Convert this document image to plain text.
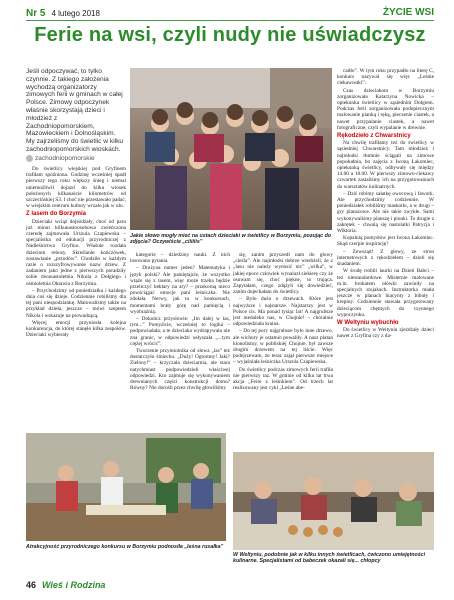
Nr 5 4 lutego 2018	ŻYCIE WSI
Ferie na wsi, czyli nudy nie uświadczysz
Jeśli odpoczywać, to tylko czynnie. Z takiego założenia wychodzą organizatorzy zimowych ferii w gminach w całej Polsce. Zimowy odpoczynek właśnie skorzystają dzieci i młodzież z Zachodniopomorskiem, Mazowieckiem i Dolnośląskim. My zajrzeliśmy do świetlic w kilku zachodniopomorskich wioskach.
zachodniopomorskie

Do świetlicy wiejskiej pod Gryfinem trafiłam spóźniona. Godzinę wcześniej spadł pierwszy tego roku większy śnieg i niemal uniemożliwił dojazd do kilku wiosek położonych kilkanaście kilometrów od szczecińskiej S3. I choć nie przestawało padać, w wiejskim centrum kultury wrzało jak w ulu.

Z lasem do Borzymia

Dzieciaki wciąż dojeżdżały, choć od paru już minut kilkunastoosobowa zwieńczona czeredę zajmowała Urszula Czapiewska – specjalistka od edukacji przyrodniczej z Nadleśnictwa Gryfino. Właśnie rozdała dzieciom rebusy. Skreślanie kończówek, zostawianie „przodów”. Chodziło w każdym razie o rozszyfrowywanie nazw drzew. Z zadaniem jako jedne z pierwszych poradziły sobie dwunastoletnia Nikola z Dołgiego i ośmioletnia Oktawia z Borzymia.

– Przychodzimy od poniedziałku i każdego dnia coś się dzieje. Codziennie robiliśmy dla tej pani niespodziankę. Malowaliśmy także na przykład dzieła, jeszcze – mówi szeptem Nikola i wskazuje na prowadzącą.

Więcej emocji przyniosła kolejna konkurencja, do której stanęło kilka zespołów. Dzieciaki wybierały

Jakie słowo mogły mieć na ustach dzieciaki w świetlicy w Borzymiu, pozując do zdjęcia? Oczywiście „ciiiiiis”

kategorie – dziedziny nauki. Z nich losowano pytania.

– Drużyna numer jeden? Matematyka i język polski? Ale pamiętajcie, że wszystko wiąże się z lasem, więc może trzeba będzie przeliczyć hektary na ary? – przekorną nieco powściągać emocje pani leśniczka. Nie zdołała. Nerwy, jak to w konkursach, momentami brały górę nad pamięcią i wyobraźnią.

– Dokończ przysłowie: „Im dalej w las, tym...” Pomyślcie, wcześniej to logika – podpowiadała, a te dzieciaka wydrapywała nie zna granic, w odpowiedzi usłyszała „...tym ciężej wrócić”.

Tworzenie przymiotnika od słowa „las” też dostarczyło śmiechu. „Duży! Ogromny! Jaki? Zielony!” – krzyczała dzieciarnia, ale stara natychmiast podpowiedzieli właściwej odpowiedzi. Kto zajmuje się wykonywaniem drewnianych części konstrukcji domu? Równy? Nie dorośli przez chwilę głowiliśmy

się, zanim przyszedł nam do głowy „cieśla”. Ale najmłodsi dobrze wiedzieli, że z „lasu nie należy wynosić nic” „wilka”, w jakiej epoce człowiek wynalazł siekierę czy że osuwam się, choć piękne, to trująca. Zapytałam, czego zdążyli się dowiedzieć, zanim dojechałam do świetlicy.

– Było dużo o drzewach. Które jest najwyższe i najstarsze. Najstarszy jest w Polsce cis. Ma ponad tysiąc lat! A najgrubsze jest niedaleko nas, w Chojnie! – chóralnie odpowiedziała kraina.

– Do tej pory najgrubsze było inne drzewo, ale wichury je ostatnio powaliły. A nasz platan klonolistny, w pobliskiej Chojnie, był zawsze drugim drzewem na tej liście. Więc podejrzewam, że teraz zajął pierwsze miejsce – wyjaśniała leśniczka Urszula Czapiewska.

Do świetlicy podczas zimowych ferii trafiła nie pierwszy raz. W gminie od kilku lat trwa akcja „Ferie z leśnikiem”. Od trzech lat realizowany jest cykl „Leśne abe-

cadło”. W tym roku przypadło na literę C, konkurs nazywał się więc „Leśnie ciekawostki”.

Czas dzieciakom w Borzymiu zorganizowała Katarzyna Nowicka – opiekunka świetlicy w sąsiednim Dołgiem. Podczas ferii zorganizowała podopiecznym malowanie pianką i ręką, pieczenie ciastek, a nawet przypalanie ciastek, a nawet fotograficzne, czyli wypalanie w drewnie.

Rękodzieło z Chwarstnicy

Na chwilę trafiłamy też do świetlicy w sąsiedniej Chwarstnicy. Tam młodzież i najmłodsi tłumnie ściągali na zimowe popołudnia, bo zajęcia z Iwoną Łakomiec, opiekunką świetlicy, odbywały się między 14.00 a 18.00. W pierwszy zimowo-ciekawy czwartek zastaliśmy ich na przygotowaniach do warsztatów kulinarnych.

– Dziś robimy sałatkę owocową i fawork. Ale przychodzimy codziennie. W poniedziałek robiliśmy maskotki, a w drugi – gry planszowe. Ale nie takie zwykłe. Sami wykonywaliśmy planszę i pionki. To drugie z zakrętek – chwalą się nastolatki Patrycja i Wiktoria.

Kopalnią pomysłów jest Iwona Łakomiec. Skąd czerpie inspirację?

– Zewsząd! Z głowy, ze stron internetowych z rękodziełem – dzieli się śnadaniem.

W środę trobili laurki na Dzień Babci – też niestandardowe. Misternie malowane m.in. brokatem ołówki zawiniły na specjalnych stojakach. Instruktorka miała jeszcze w planach hiacynty z bibuły i krepiny. Codziennie stawała przygotowany dzieciącom chętnych do czynnego wypoczynku.

W Weltyniu wybuchło

Do świetlicy w Weltyniu zjeżdżały dzieci nawet z Gryfina czy z da-

Atrakcyjność przyrodniczego konkursu w Borzymiu podnosiła „leśna rusałka”
W Weltyniu, podobnie jak w kilku innych świetlicach, ćwiczono umiejętności kulinarne. Specjalistami od babeczek okazali się... chłopcy
46 Wieś i Rodzina
